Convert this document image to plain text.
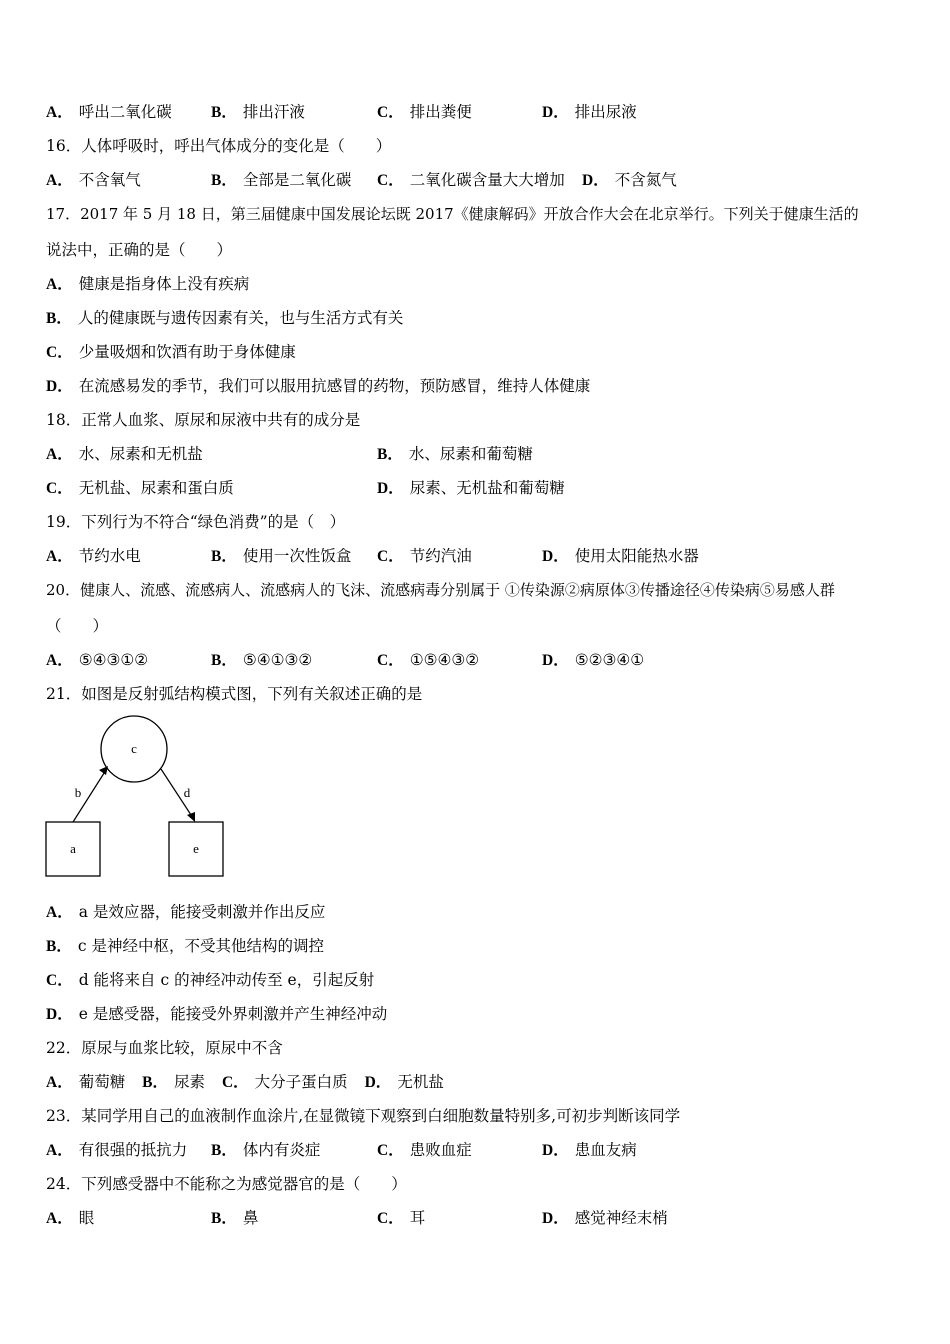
A． 呼出二氧化碳	B． 排出汗液	C． 排出粪便	D． 排出尿液
16．人体呼吸时，呼出气体成分的变化是（　　）
A． 不含氧气	B． 全部是二氧化碳 C． 二氧化碳含量大大增加 D． 不含氮气
17．2017 年 5 月 18 日，第三届健康中国发展论坛既 2017《健康解码》开放合作大会在北京举行。下列关于健康生活的
说法中，正确的是（　　）
A． 健康是指身体上没有疾病
B． 人的健康既与遗传因素有关，也与生活方式有关
C． 少量吸烟和饮酒有助于身体健康
D． 在流感易发的季节，我们可以服用抗感冒的药物，预防感冒，维持人体健康
18．正常人血浆、原尿和尿液中共有的成分是
A． 水、尿素和无机盐	B． 水、尿素和葡萄糖
C． 无机盐、尿素和蛋白质	D． 尿素、无机盐和葡萄糖
19．下列行为不符合“绿色消费”的是（　）
A． 节约水电	B． 使用一次性饭盒 C． 节约汽油	D． 使用太阳能热水器
20．健康人、流感、流感病人、流感病人的飞沫、流感病毒分别属于 ①传染源②病原体③传播途径④传染病⑤易感人群
（　　）
A． ⑤④③①②	B． ⑤④①③②	C． ①⑤④③②	D． ⑤②③④①
21．如图是反射弧结构模式图，下列有关叙述正确的是
c
a	e
b	d
A． a 是效应器，能接受刺激并作出反应
B． c 是神经中枢，不受其他结构的调控
C． d 能将来自 c 的神经冲动传至 e，引起反射
D． e 是感受器，能接受外界刺激并产生神经冲动
22．原尿与血浆比较，原尿中不含
A． 葡萄糖 B． 尿素 C． 大分子蛋白质 D． 无机盐
23．某同学用自己的血液制作血涂片,在显微镜下观察到白细胞数量特别多,可初步判断该同学
A． 有很强的抵抗力 B． 体内有炎症	C． 患败血症	D． 患血友病
24．下列感受器中不能称之为感觉器官的是（　　）
A． 眼	B． 鼻	C． 耳	D． 感觉神经末梢
